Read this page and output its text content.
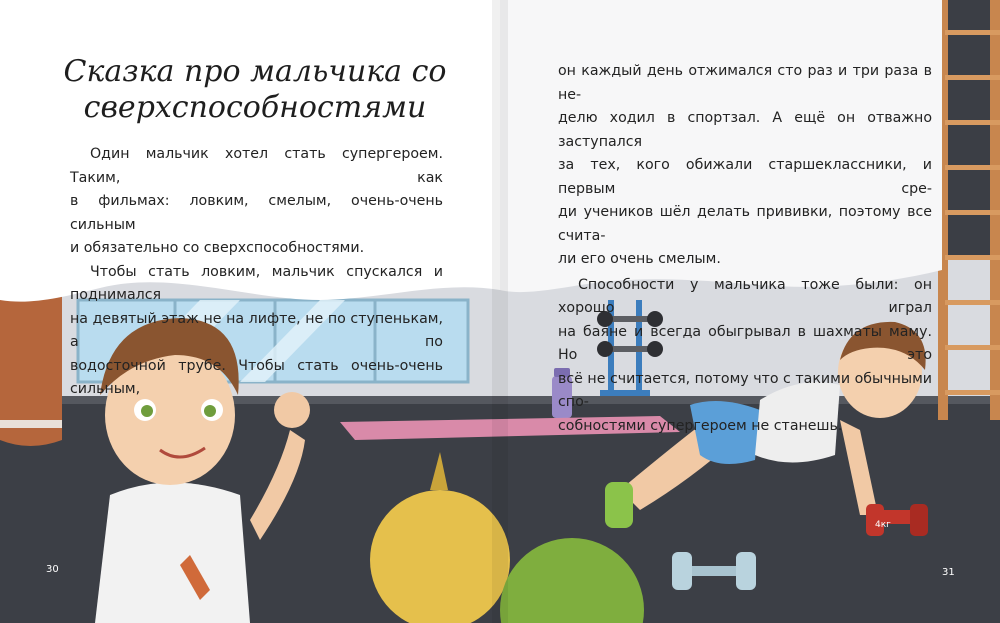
4кг
Сказка про мальчика со сверхспособностями

Один мальчик хотел стать супергероем. Таким, как

в фильмах: ловким, смелым, очень-очень сильным

и обязательно со сверхспособностями.

Чтобы стать ловким, мальчик спускался и поднимался

на девятый этаж не на лифте, не по ступенькам, а по

водосточной трубе. Чтобы стать очень-очень сильным,

он каждый день отжимался сто раз и три раза в не-

делю ходил в спортзал. А ещё он отважно заступался

за тех, кого обижали старшеклассники, и первым сре-

ди учеников шёл делать прививки, поэтому все счита-

ли его очень смелым.

Способности у мальчика тоже были: он хорошо играл

на баяне и всегда обыгрывал в шахматы маму. Но это

всё не считается, потому что с такими обычными спо-

собностями супергероем не станешь.

30	31
